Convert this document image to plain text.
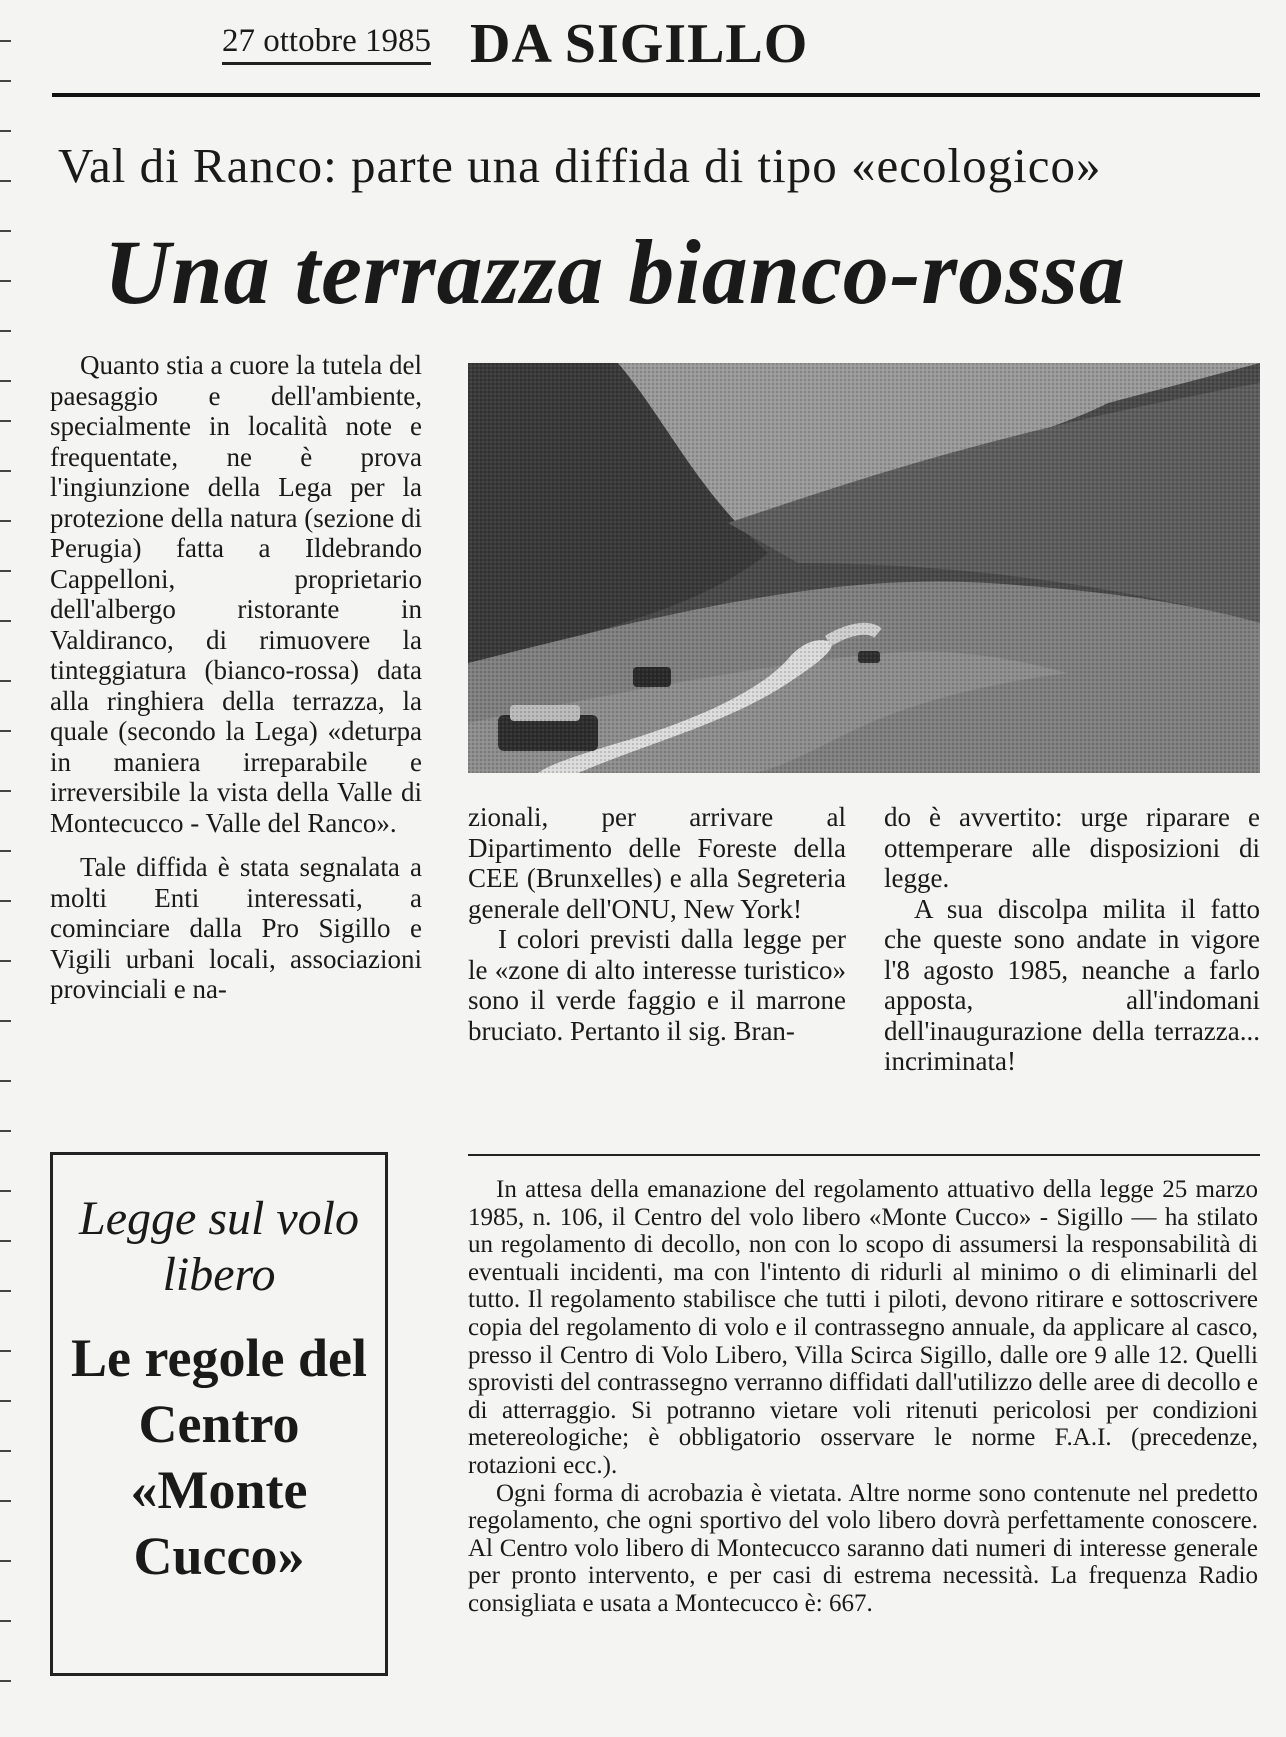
27 ottobre 1985 DA SIGILLO
Val di Ranco: parte una diffida di tipo «ecologico»
Una terrazza bianco-rossa

Quanto stia a cuore la tutela del paesaggio e dell'ambiente, specialmente in località note e frequentate, ne è prova l'ingiunzione della Lega per la protezione della natura (sezione di Perugia) fatta a Ildebrando Cappelloni, proprietario dell'albergo ristorante in Valdiranco, di rimuovere la tinteggiatura (bianco-rossa) data alla ringhiera della terrazza, la quale (secondo la Lega) «deturpa in maniera irreparabile e irreversibile la vista della Valle di Montecucco - Valle del Ranco».

Tale diffida è stata segnalata a molti Enti interessati, a cominciare dalla Pro Sigillo e Vigili urbani locali, associazioni provinciali e na-

zionali, per arrivare al Dipartimento delle Foreste della CEE (Brunxelles) e alla Segreteria generale dell'ONU, New York!

I colori previsti dalla legge per le «zone di alto interesse turistico» sono il verde faggio e il marrone bruciato. Pertanto il sig. Bran-

do è avvertito: urge riparare e ottemperare alle disposizioni di legge.

A sua discolpa milita il fatto che queste sono andate in vigore l'8 agosto 1985, neanche a farlo apposta, all'indomani dell'inaugurazione della terrazza... incriminata!

Legge sul volo libero
Le regole del Centro «Monte Cucco»

In attesa della emanazione del regolamento attuativo della legge 25 marzo 1985, n. 106, il Centro del volo libero «Monte Cucco» - Sigillo — ha stilato un regolamento di decollo, non con lo scopo di assumersi la responsabilità di eventuali incidenti, ma con l'intento di ridurli al minimo o di eliminarli del tutto. Il regolamento stabilisce che tutti i piloti, devono ritirare e sottoscrivere copia del regolamento di volo e il contrassegno annuale, da applicare al casco, presso il Centro di Volo Libero, Villa Scirca Sigillo, dalle ore 9 alle 12. Quelli sprovisti del contrassegno verranno diffidati dall'utilizzo delle aree di decollo e di atterraggio. Si potranno vietare voli ritenuti pericolosi per condizioni metereologiche; è obbligatorio osservare le norme F.A.I. (precedenze, rotazioni ecc.).

Ogni forma di acrobazia è vietata. Altre norme sono contenute nel predetto regolamento, che ogni sportivo del volo libero dovrà perfettamente conoscere. Al Centro volo libero di Montecucco saranno dati numeri di interesse generale per pronto intervento, e per casi di estrema necessità. La frequenza Radio consigliata e usata a Montecucco è: 667.
